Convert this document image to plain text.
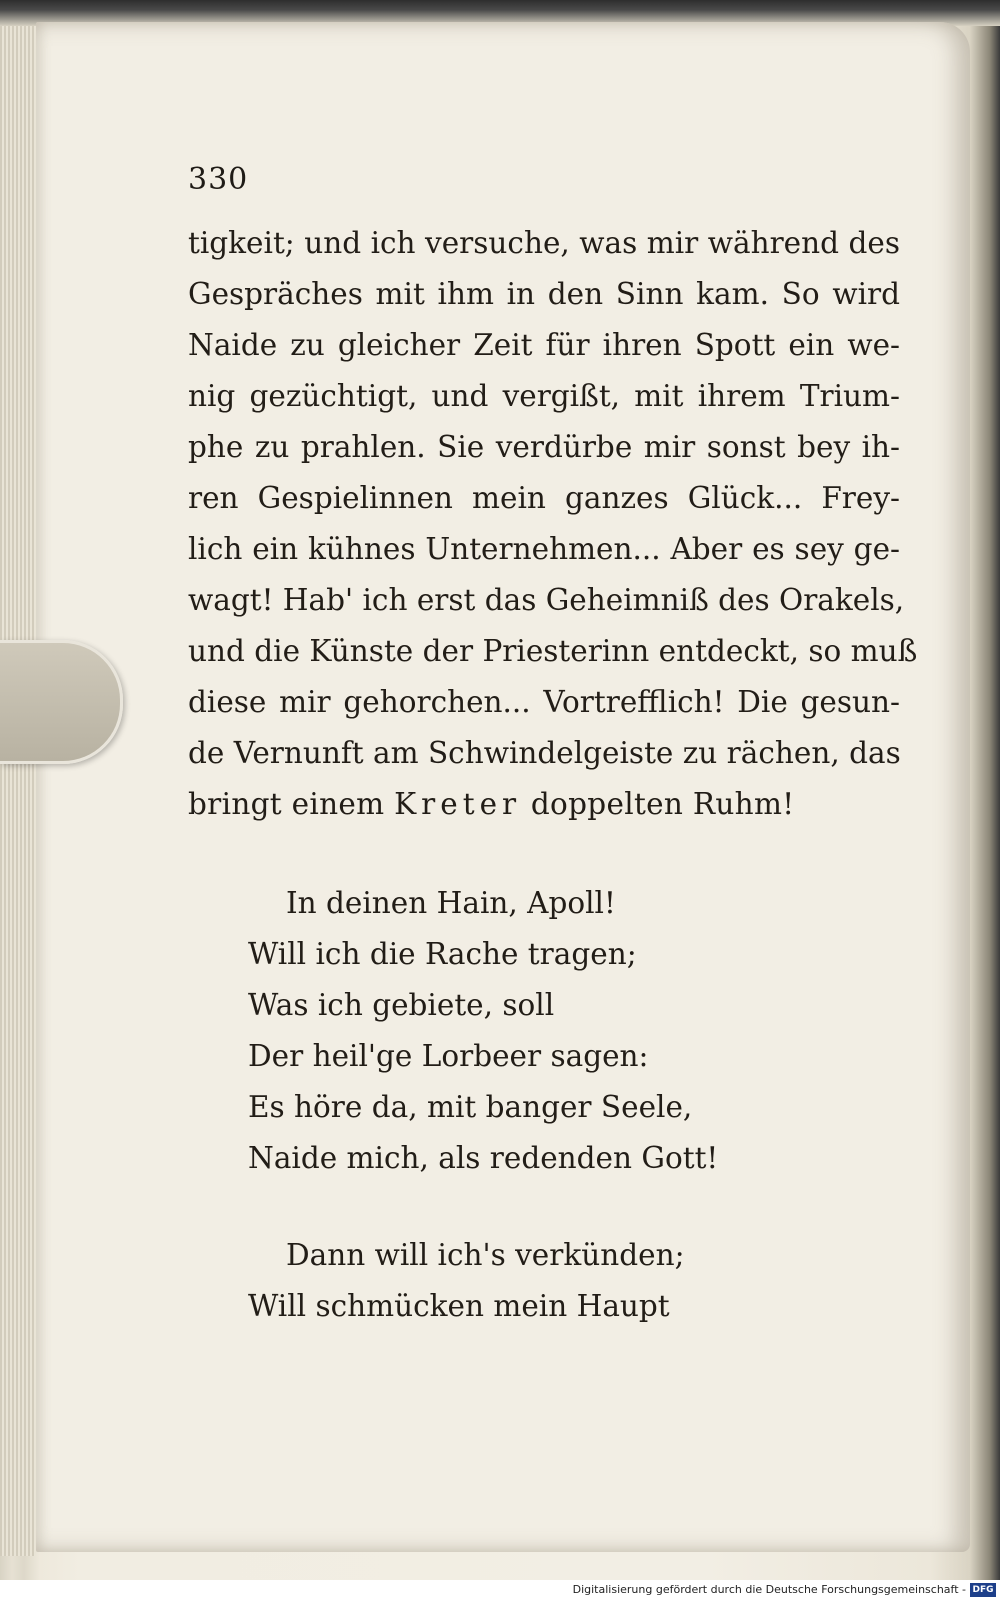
330
tigkeit; und ich versuche, was mir während des
Gespräches mit ihm in den Sinn kam. So wird
Naide zu gleicher Zeit für ihren Spott ein we-
nig gezüchtigt, und vergißt, mit ihrem Trium-
phe zu prahlen. Sie verdürbe mir sonst bey ih-
ren Gespielinnen mein ganzes Glück... Frey-
lich ein kühnes Unternehmen... Aber es sey ge-
wagt! Hab' ich erst das Geheimniß des Orakels,
und die Künste der Priesterinn entdeckt, so muß
diese mir gehorchen... Vortrefflich! Die gesun-
de Vernunft am Schwindelgeiste zu rächen, das
bringt einem Kreter doppelten Ruhm!
In deinen Hain, Apoll!
Will ich die Rache tragen;
Was ich gebiete, soll
Der heil'ge Lorbeer sagen:
Es höre da, mit banger Seele,
Naide mich, als redenden Gott!
Dann will ich's verkünden;
Will schmücken mein Haupt
Digitalisierung gefördert durch die Deutsche Forschungsgemeinschaft - DFG
